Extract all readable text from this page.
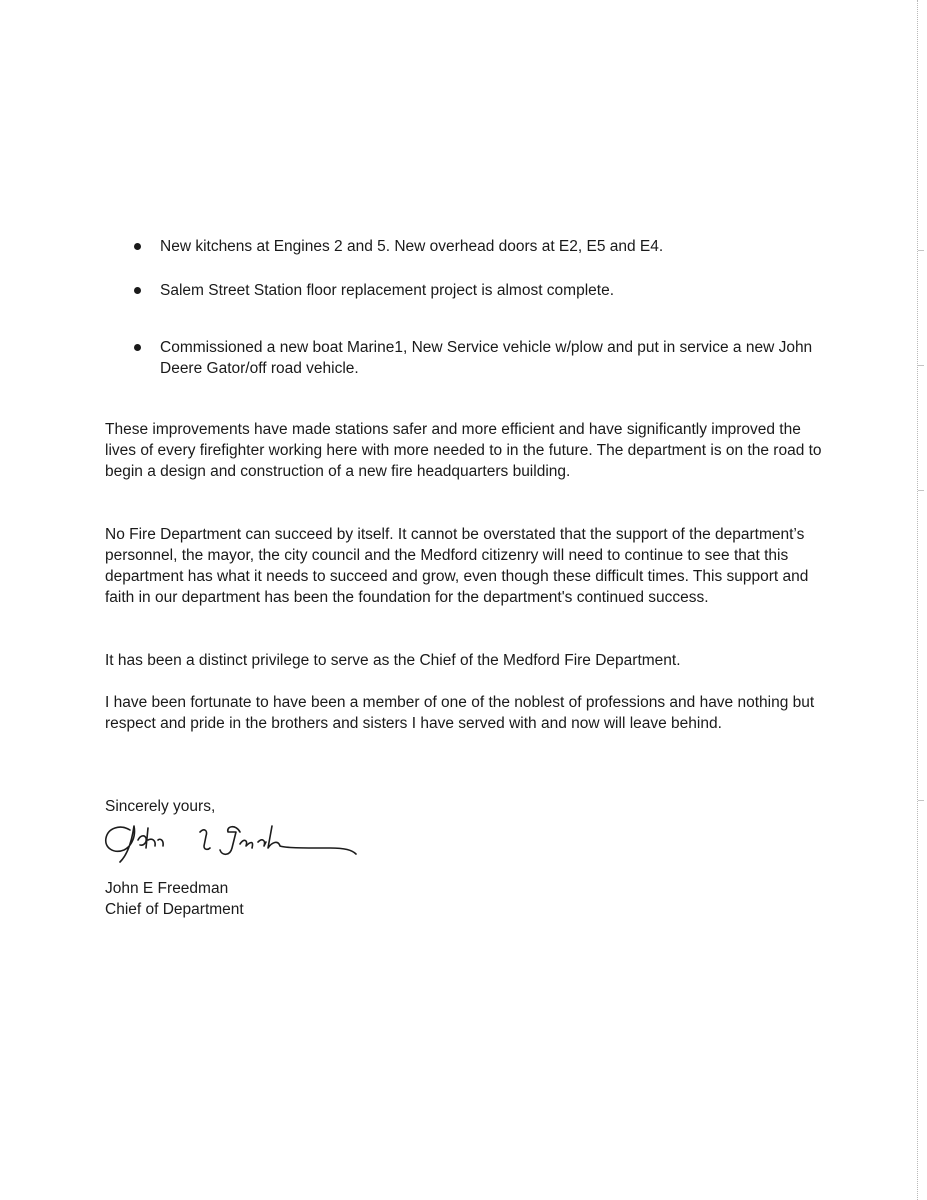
New kitchens at Engines 2 and 5. New overhead doors at E2, E5 and E4.
Salem Street Station floor replacement project is almost complete.
Commissioned a new boat Marine1, New Service vehicle w/plow and put in service a new John Deere Gator/off road vehicle.

These improvements have made stations safer and more efficient and have significantly improved the lives of every firefighter working here with more needed to in the future. The department is on the road to begin a design and construction of a new fire headquarters building.

No Fire Department can succeed by itself. It cannot be overstated that the support of the department’s personnel, the mayor, the city council and the Medford citizenry will need to continue to see that this department has what it needs to succeed and grow, even though these difficult times. This support and faith in our department has been the foundation for the department's continued success.

It has been a distinct privilege to serve as the Chief of the Medford Fire Department.

I have been fortunate to have been a member of one of the noblest of professions and have nothing but respect and pride in the brothers and sisters I have served with and now will leave behind.

Sincerely yours,

John E Freedman

Chief of Department
